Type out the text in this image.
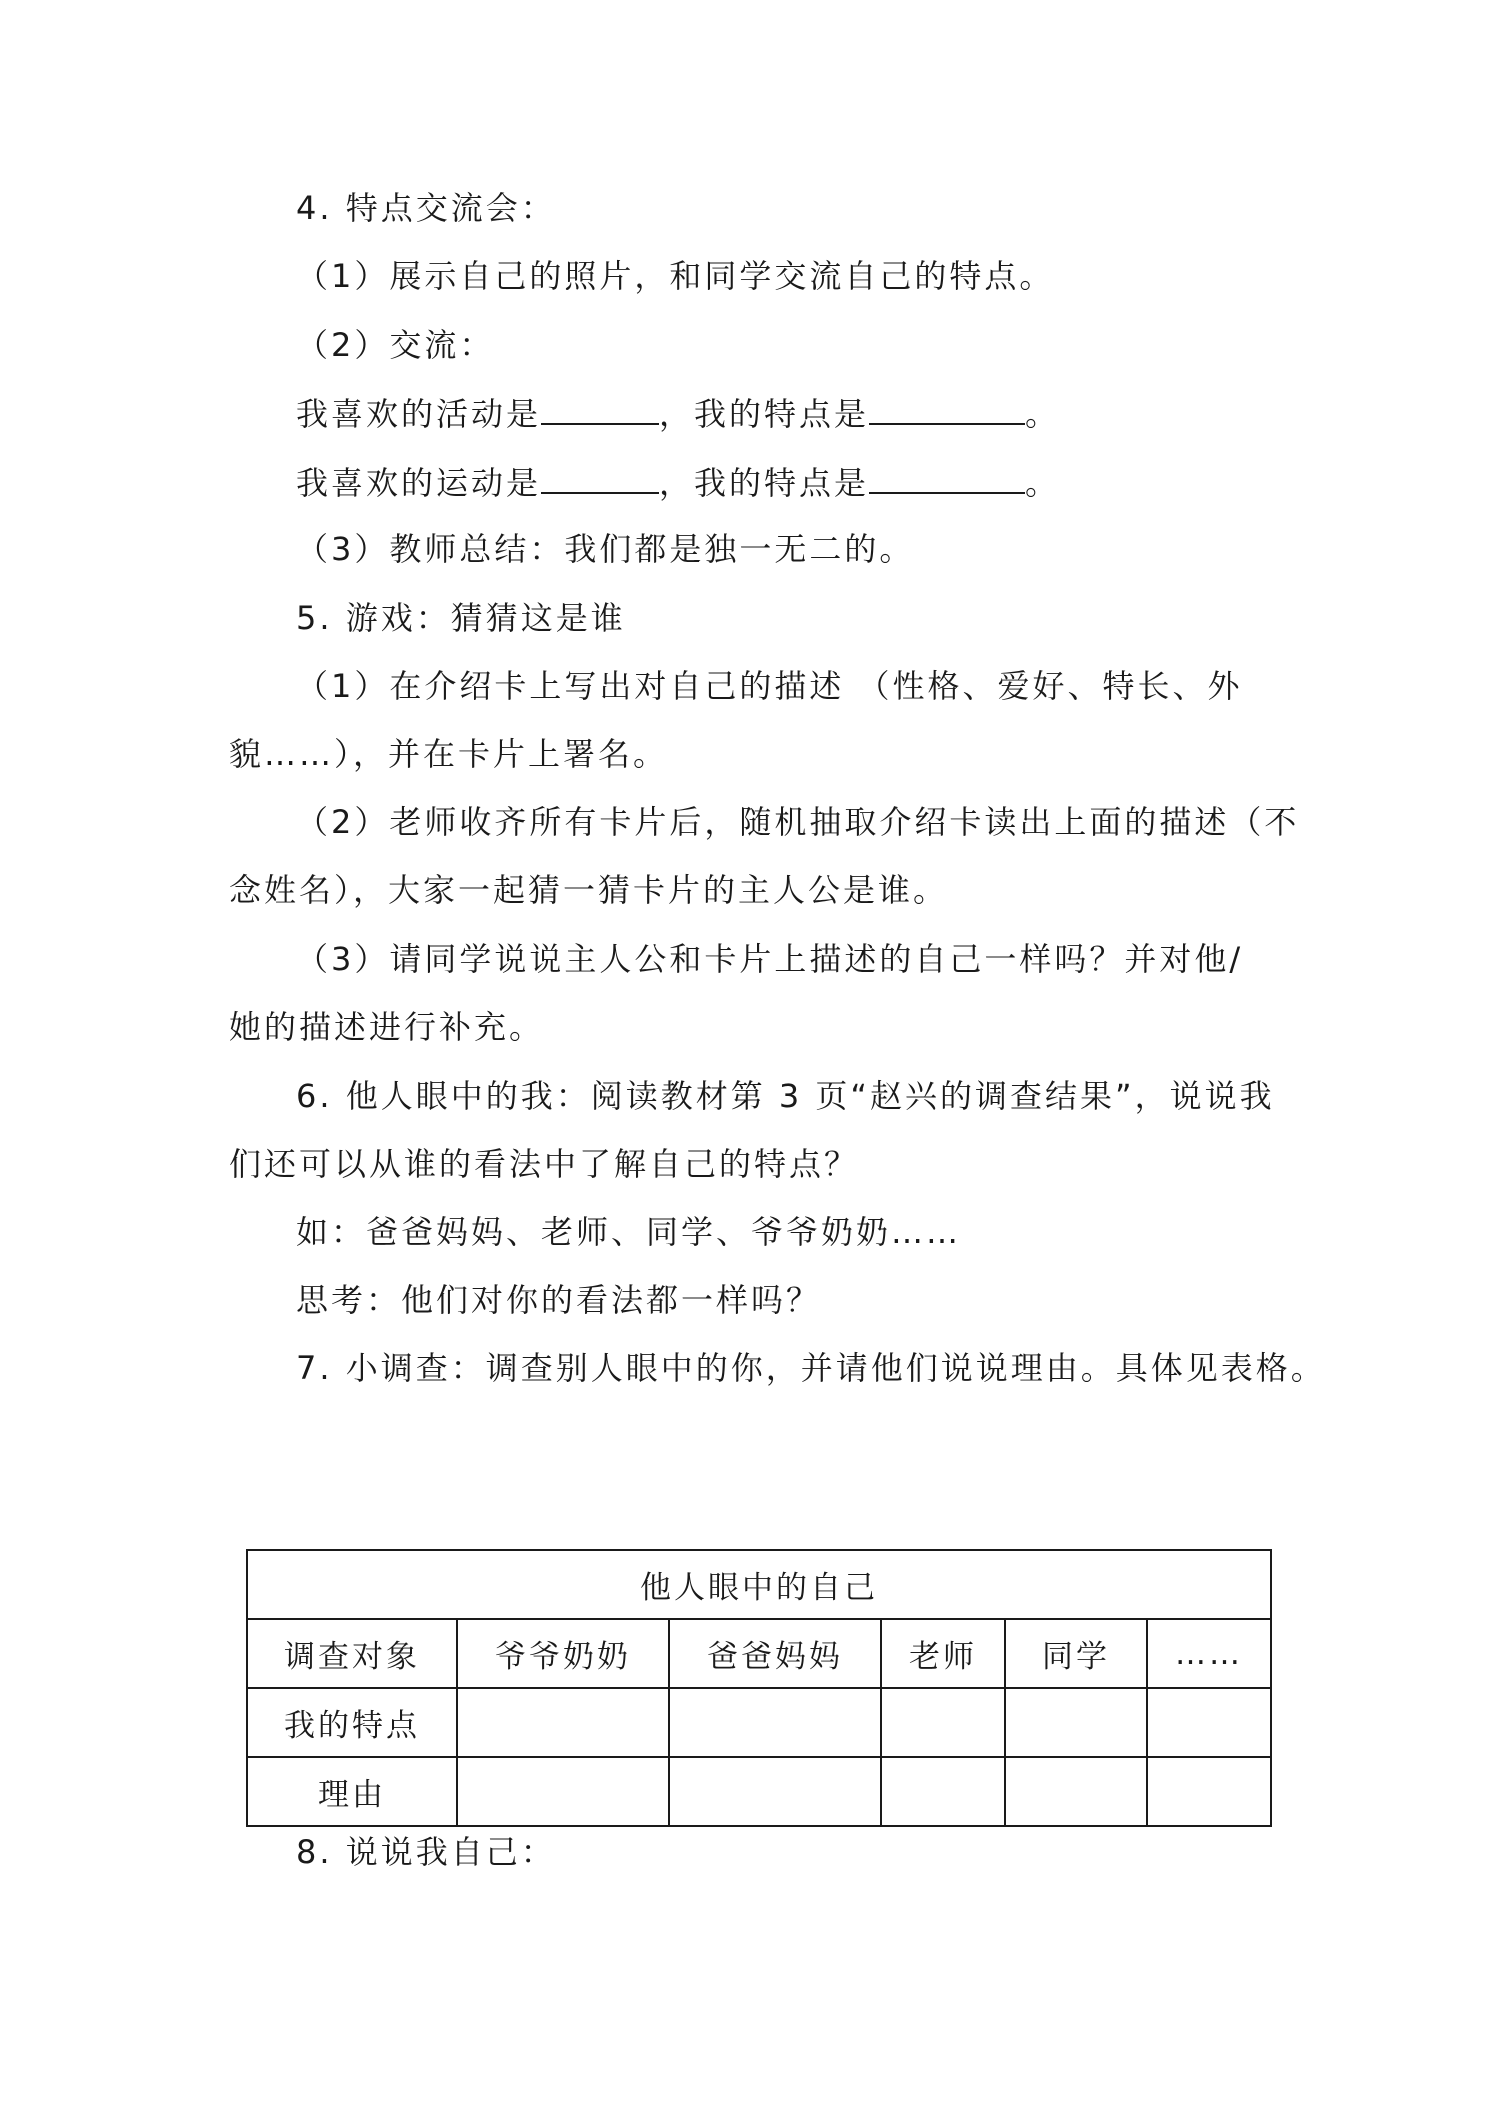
4. 特点交流会：
（1）展示自己的照片，和同学交流自己的特点。
（2）交流：
我喜欢的活动是	，我的特点是	。
我喜欢的运动是	，我的特点是	。
（3）教师总结：我们都是独一无二的。
5. 游戏：猜猜这是谁
（1）在介绍卡上写出对自己的描述 （性格、爱好、特长、外
貌……），并在卡片上署名。
（2）老师收齐所有卡片后，随机抽取介绍卡读出上面的描述（不
念姓名），大家一起猜一猜卡片的主人公是谁。
（3）请同学说说主人公和卡片上描述的自己一样吗？并对他/
她的描述进行补充。
6. 他人眼中的我：阅读教材第 3 页“赵兴的调查结果”，说说我
们还可以从谁的看法中了解自己的特点？
如：爸爸妈妈、老师、同学、爷爷奶奶……
思考：他们对你的看法都一样吗？
7. 小调查：调查别人眼中的你，并请他们说说理由。具体见表格。
他人眼中的自己					
调查对象	爷爷奶奶	爸爸妈妈	老师	同学	……
我的特点					
理由					
8. 说说我自己：
